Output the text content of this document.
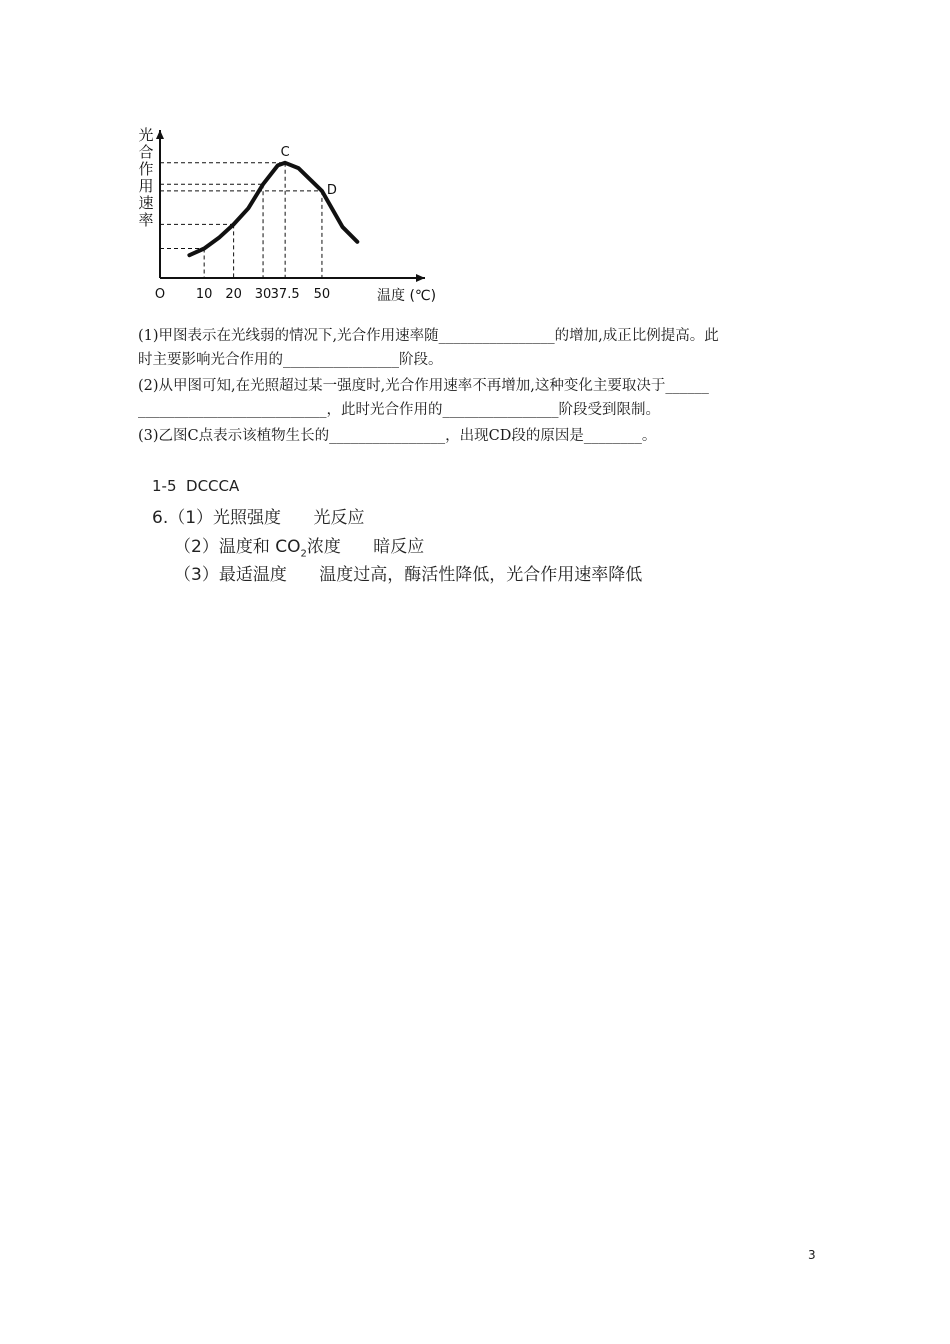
10 20 30 37.5 50
C
D
O	温度 (℃)
光
合
作
用
速
率
(1)甲图表示在光线弱的情况下,光合作用速率随________________的增加,成正比例提高。此
时主要影响光合作用的________________阶段。
(2)从甲图可知,在光照超过某一强度时,光合作用速率不再增加,这种变化主要取决于______
__________________________，此时光合作用的________________阶段受到限制。
(3)乙图C点表示该植物生长的________________，出现CD段的原因是________。
1-5  DCCCA
6.（1）光照强度      光反应
（2）温度和 $CO_2$浓度      暗反应
（3）最适温度      温度过高，酶活性降低，光合作用速率降低
3
